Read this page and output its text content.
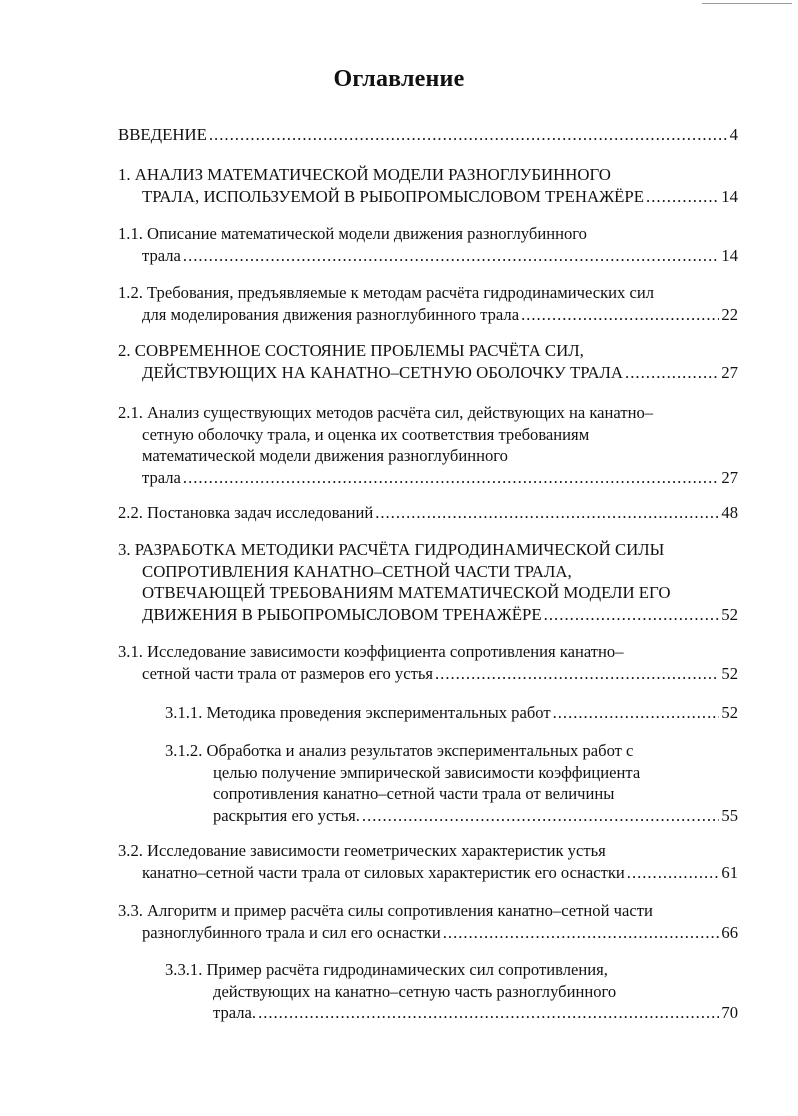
Оглавление
ВВЕДЕНИЕ .....	4
1. АНАЛИЗ МАТЕМАТИЧЕСКОЙ МОДЕЛИ РАЗНОГЛУБИННОГО
ТРАЛА, ИСПОЛЬЗУЕМОЙ В РЫБОПРОМЫСЛОВОМ ТРЕНАЖЁРЕ .....	14
1.1. Описание математической модели движения разноглубинного
трала .....	14
1.2. Требования, предъявляемые к методам расчёта гидродинамических сил
для моделирования движения разноглубинного трала .....	22
2. СОВРЕМЕННОЕ СОСТОЯНИЕ ПРОБЛЕМЫ РАСЧЁТА СИЛ,
ДЕЙСТВУЮЩИХ НА КАНАТНО–СЕТНУЮ ОБОЛОЧКУ ТРАЛА .....	27
2.1. Анализ существующих методов расчёта сил, действующих на канатно–
сетную оболочку трала, и оценка их соответствия требованиям
математической модели движения разноглубинного
трала .....	27
2.2. Постановка задач исследований .....	48
3. РАЗРАБОТКА МЕТОДИКИ РАСЧЁТА ГИДРОДИНАМИЧЕСКОЙ СИЛЫ
СОПРОТИВЛЕНИЯ КАНАТНО–СЕТНОЙ ЧАСТИ ТРАЛА,
ОТВЕЧАЮЩЕЙ ТРЕБОВАНИЯМ МАТЕМАТИЧЕСКОЙ МОДЕЛИ ЕГО
ДВИЖЕНИЯ В РЫБОПРОМЫСЛОВОМ ТРЕНАЖЁРЕ .....	52
3.1. Исследование зависимости коэффициента сопротивления канатно–
сетной части трала от размеров его устья .....	52
3.1.1. Методика проведения экспериментальных работ .....	52
3.1.2. Обработка и анализ результатов экспериментальных работ с
целью получение эмпирической зависимости коэффициента
сопротивления канатно–сетной части трала от величины
раскрытия его устья. .....	55
3.2. Исследование зависимости геометрических характеристик устья
канатно–сетной части трала от силовых характеристик его оснастки .....	61
3.3. Алгоритм и пример расчёта силы сопротивления канатно–сетной части
разноглубинного трала и сил его оснастки .....	66
3.3.1. Пример расчёта гидродинамических сил сопротивления,
действующих на канатно–сетную часть разноглубинного
трала. .....	70
